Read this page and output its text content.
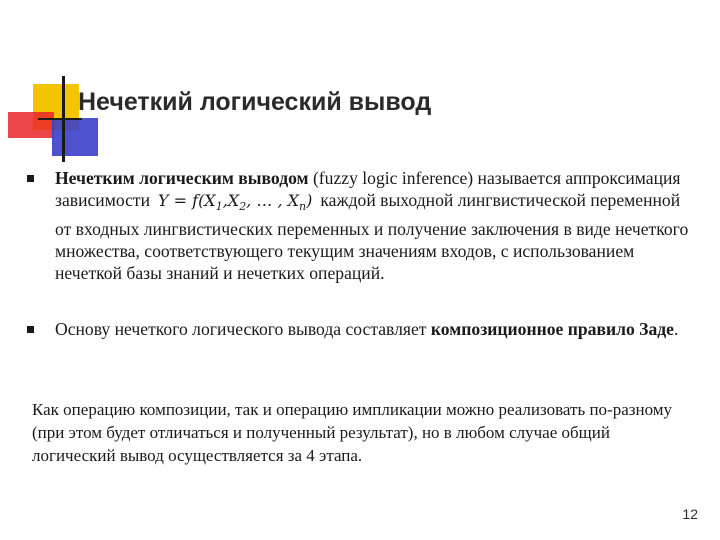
Нечеткий логический вывод

Нечетким логическим выводом (fuzzy logic inference) называется аппроксимация зависимости $Y = f(X_1,X_2$, … , $X_n$) каждой выходной лингвистической переменной от входных лингвистических переменных и получение заключения в виде нечеткого множества, соответствующего текущим значениям входов, с использованием нечеткой базы знаний и нечетких операций.

Основу нечеткого логического вывода составляет композиционное правило Заде.

Как операцию композиции, так и операцию импликации можно реализовать по-разному (при этом будет отличаться и полученный результат), но в любом случае общий логический вывод осуществляется за 4 этапа.

12
